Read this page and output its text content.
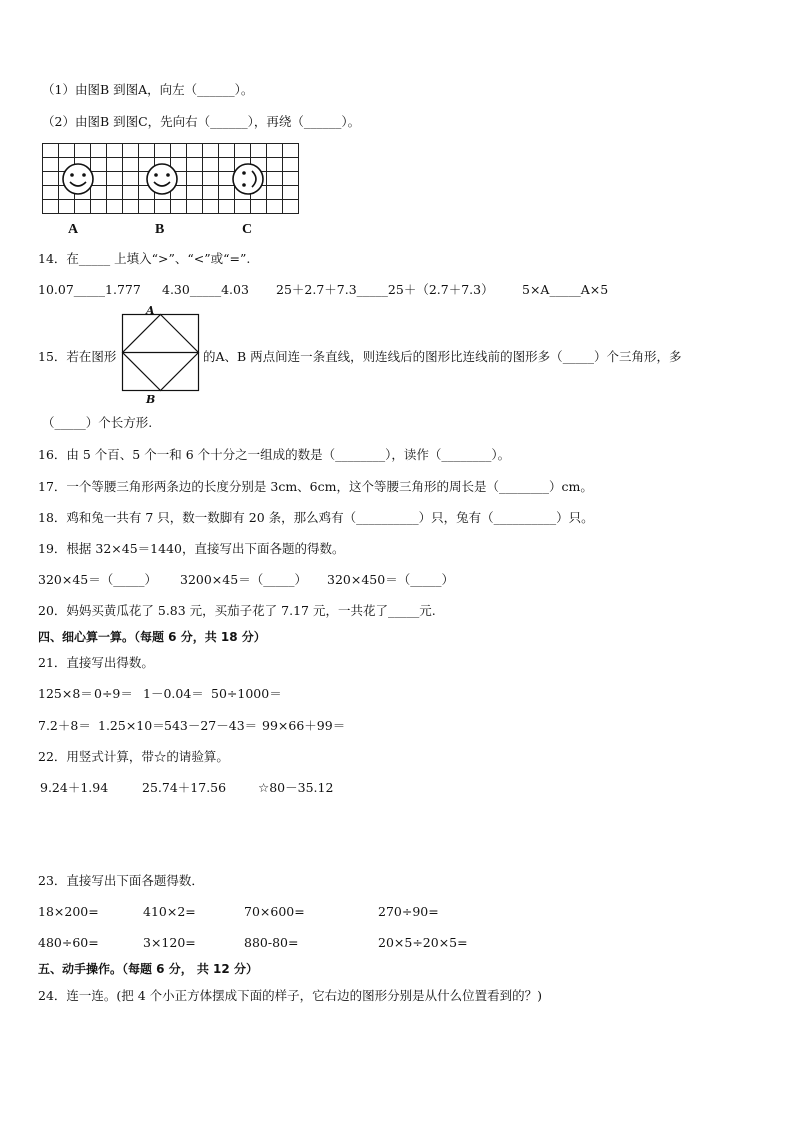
（1）由图B 到图A，向左（______）。
（2）由图B 到图C，先向右（______），再绕（______）。
A	B	C
14．在_____ 上填入“>”、“<”或“=”.
10.07_____1.777 4.30_____4.03 25＋2.7＋7.3_____25＋（2.7＋7.3） 5×A_____A×5
A
B
15．若在图形	的A、B 两点间连一条直线，则连线后的图形比连线前的图形多（_____）个三角形，多
（_____）个长方形.
16．由 5 个百、5 个一和 6 个十分之一组成的数是（________），读作（________）。
17．一个等腰三角形两条边的长度分别是 3cm、6cm，这个等腰三角形的周长是（________）cm。
18．鸡和兔一共有 7 只，数一数脚有 20 条，那么鸡有（__________）只，兔有（__________）只。
19．根据 32×45＝1440，直接写出下面各题的得数。
320×45＝（_____） 3200×45＝（_____） 320×450＝（_____）
20．妈妈买黄瓜花了 5.83 元，买茄子花了 7.17 元，一共花了_____元.
四、细心算一算。（每题 6 分，共 18 分）
21．直接写出得数。
125×8＝ 0÷9＝ 1－0.04＝ 50÷1000＝
7.2＋8＝ 1.25×10＝ 543－27－43＝ 99×66＋99＝
22．用竖式计算，带☆的请验算。
9.24＋1.94	25.74＋17.56	☆80－35.12
23．直接写出下面各题得数．
18×200=	410×2=	70×600=	270÷90=
480÷60=	3×120=	880-80=	20×5÷20×5=
五、动手操作。（每题 6 分， 共 12 分）
24．连一连。(把 4 个小正方体摆成下面的样子，它右边的图形分别是从什么位置看到的？)
